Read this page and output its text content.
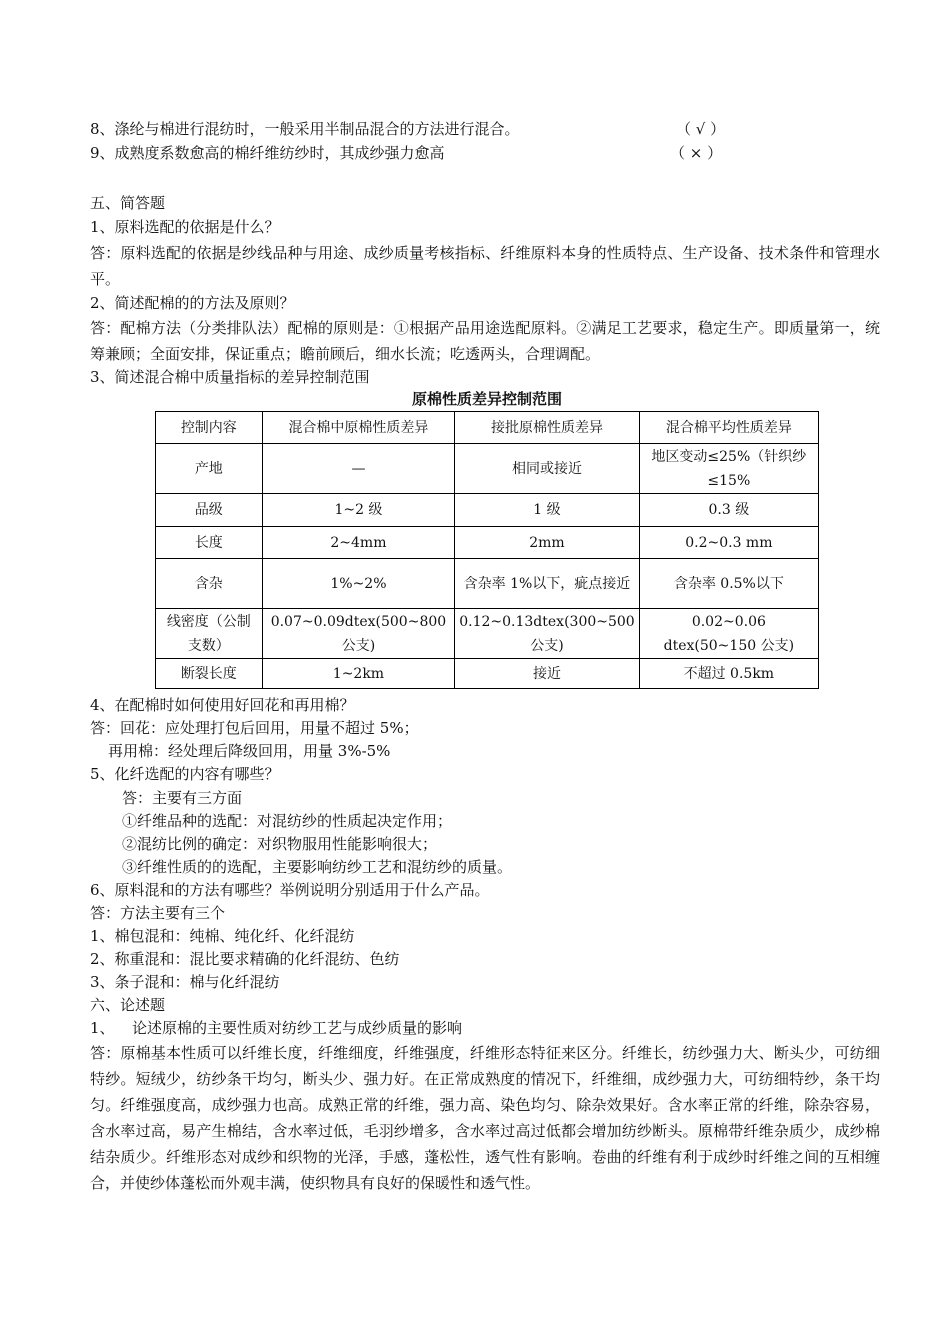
8、涤纶与棉进行混纺时，一般采用半制品混合的方法进行混合。	（ √ ）
9、成熟度系数愈高的棉纤维纺纱时，其成纱强力愈高	（ × ）
五、简答题
1、原料选配的依据是什么？
答：原料选配的依据是纱线品种与用途、成纱质量考核指标、纤维原料本身的性质特点、生产设备、技术条件和管理水平。
2、简述配棉的的方法及原则？
答：配棉方法（分类排队法）配棉的原则是：①根据产品用途选配原料。②满足工艺要求，稳定生产。即质量第一，统筹兼顾；全面安排，保证重点；瞻前顾后，细水长流；吃透两头，合理调配。
3、简述混合棉中质量指标的差异控制范围
原棉性质差异控制范围
控制内容	混合棉中原棉性质差异	接批原棉性质差异	混合棉平均性质差异
产地	—	相同或接近	地区变动≤25%（针织纱≤15%
品级	1~2 级	1 级	0.3 级
长度	2~4mm	2mm	0.2~0.3 mm
含杂	1%~2%	含杂率 1%以下，疵点接近	含杂率 0.5%以下
线密度（公制支数）	0.07~0.09dtex(500~800 公支)	0.12~0.13dtex(300~500 公支)	0.02~0.06 dtex(50~150 公支)
断裂长度	1~2km	接近	不超过 0.5km
4、在配棉时如何使用好回花和再用棉？
答：回花：应处理打包后回用，用量不超过 5%；
再用棉：经处理后降级回用，用量 3%-5%
5、化纤选配的内容有哪些？
答：主要有三方面
①纤维品种的选配：对混纺纱的性质起决定作用；
②混纺比例的确定：对织物服用性能影响很大；
③纤维性质的的选配，主要影响纺纱工艺和混纺纱的质量。
6、原料混和的方法有哪些？举例说明分别适用于什么产品。
答：方法主要有三个
1、棉包混和：纯棉、纯化纤、化纤混纺
2、称重混和：混比要求精确的化纤混纺、色纺
3、条子混和：棉与化纤混纺
六、论述题
1、 论述原棉的主要性质对纺纱工艺与成纱质量的影响
答：原棉基本性质可以纤维长度，纤维细度，纤维强度，纤维形态特征来区分。纤维长，纺纱强力大、断头少，可纺细特纱。短绒少，纺纱条干均匀，断头少、强力好。在正常成熟度的情况下，纤维细，成纱强力大，可纺细特纱，条干均匀。纤维强度高，成纱强力也高。成熟正常的纤维，强力高、染色均匀、除杂效果好。含水率正常的纤维，除杂容易，含水率过高，易产生棉结，含水率过低，毛羽纱增多，含水率过高过低都会增加纺纱断头。原棉带纤维杂质少，成纱棉结杂质少。纤维形态对成纱和织物的光泽，手感，蓬松性，透气性有影响。卷曲的纤维有利于成纱时纤维之间的互相缠合，并使纱体蓬松而外观丰满，使织物具有良好的保暖性和透气性。
